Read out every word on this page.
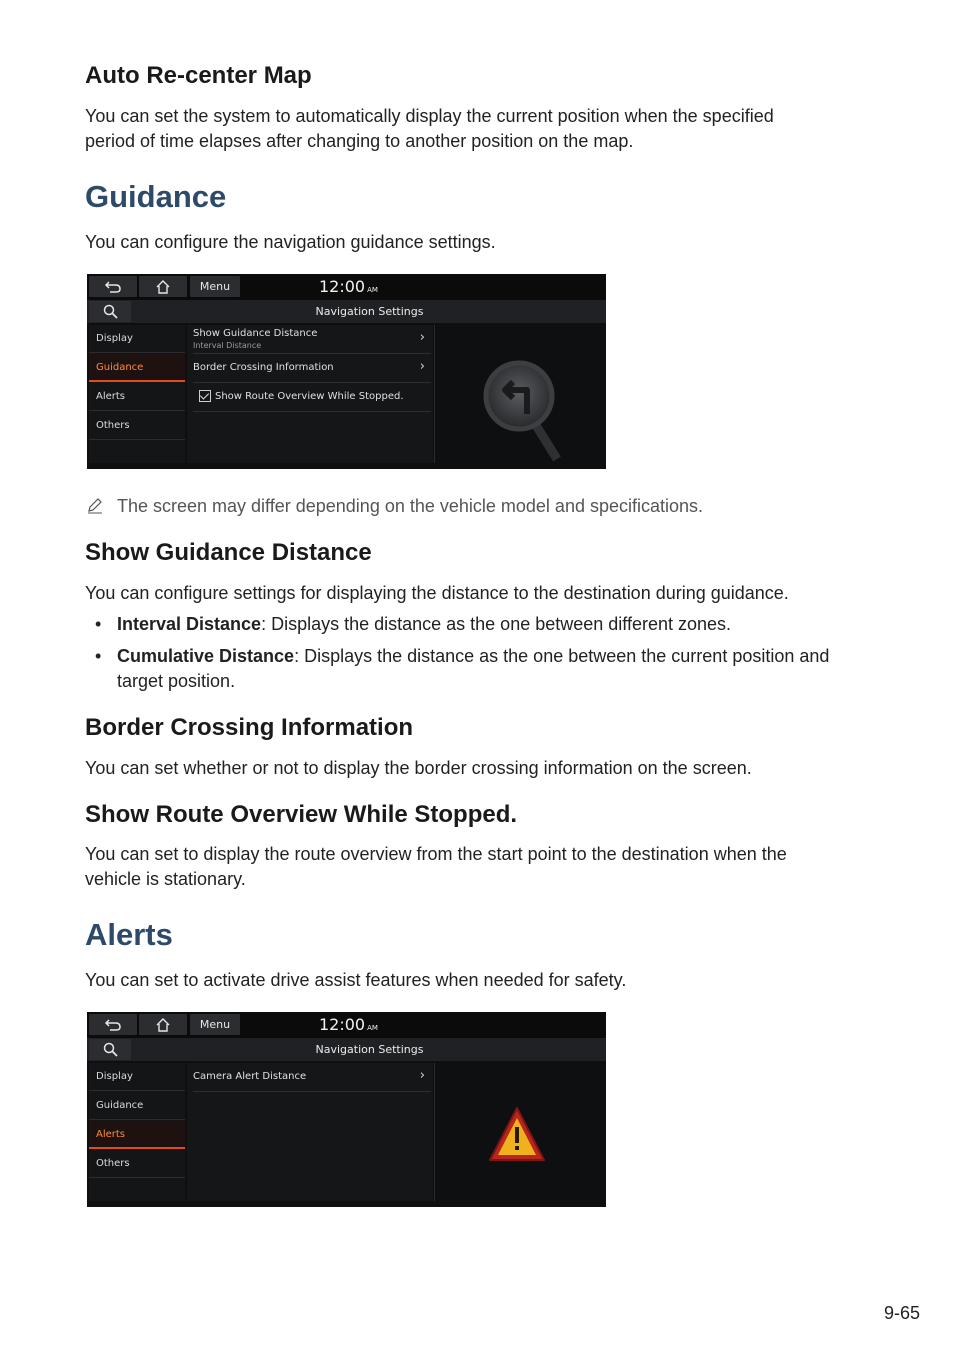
Auto Re-center Map

You can set the system to automatically display the current position when the specified

period of time elapses after changing to another position on the map.

Guidance

You can configure the navigation guidance settings.

Menu	12:00 AM
Navigation Settings
Display
Guidance
Alerts
Others
Show Guidance Distance
Interval Distance
›
Border Crossing Information	›
Show Route Overview While Stopped.

The screen may differ depending on the vehicle model and specifications.

Show Guidance Distance

You can configure settings for displaying the distance to the destination during guidance.

• Interval Distance: Displays the distance as the one between different zones.
• Cumulative Distance: Displays the distance as the one between the current position and

target position.

Border Crossing Information

You can set whether or not to display the border crossing information on the screen.

Show Route Overview While Stopped.

You can set to display the route overview from the start point to the destination when the

vehicle is stationary.

Alerts

You can set to activate drive assist features when needed for safety.

Menu	12:00 AM
Navigation Settings
Display
Guidance
Alerts
Others
Camera Alert Distance	›
9-65
